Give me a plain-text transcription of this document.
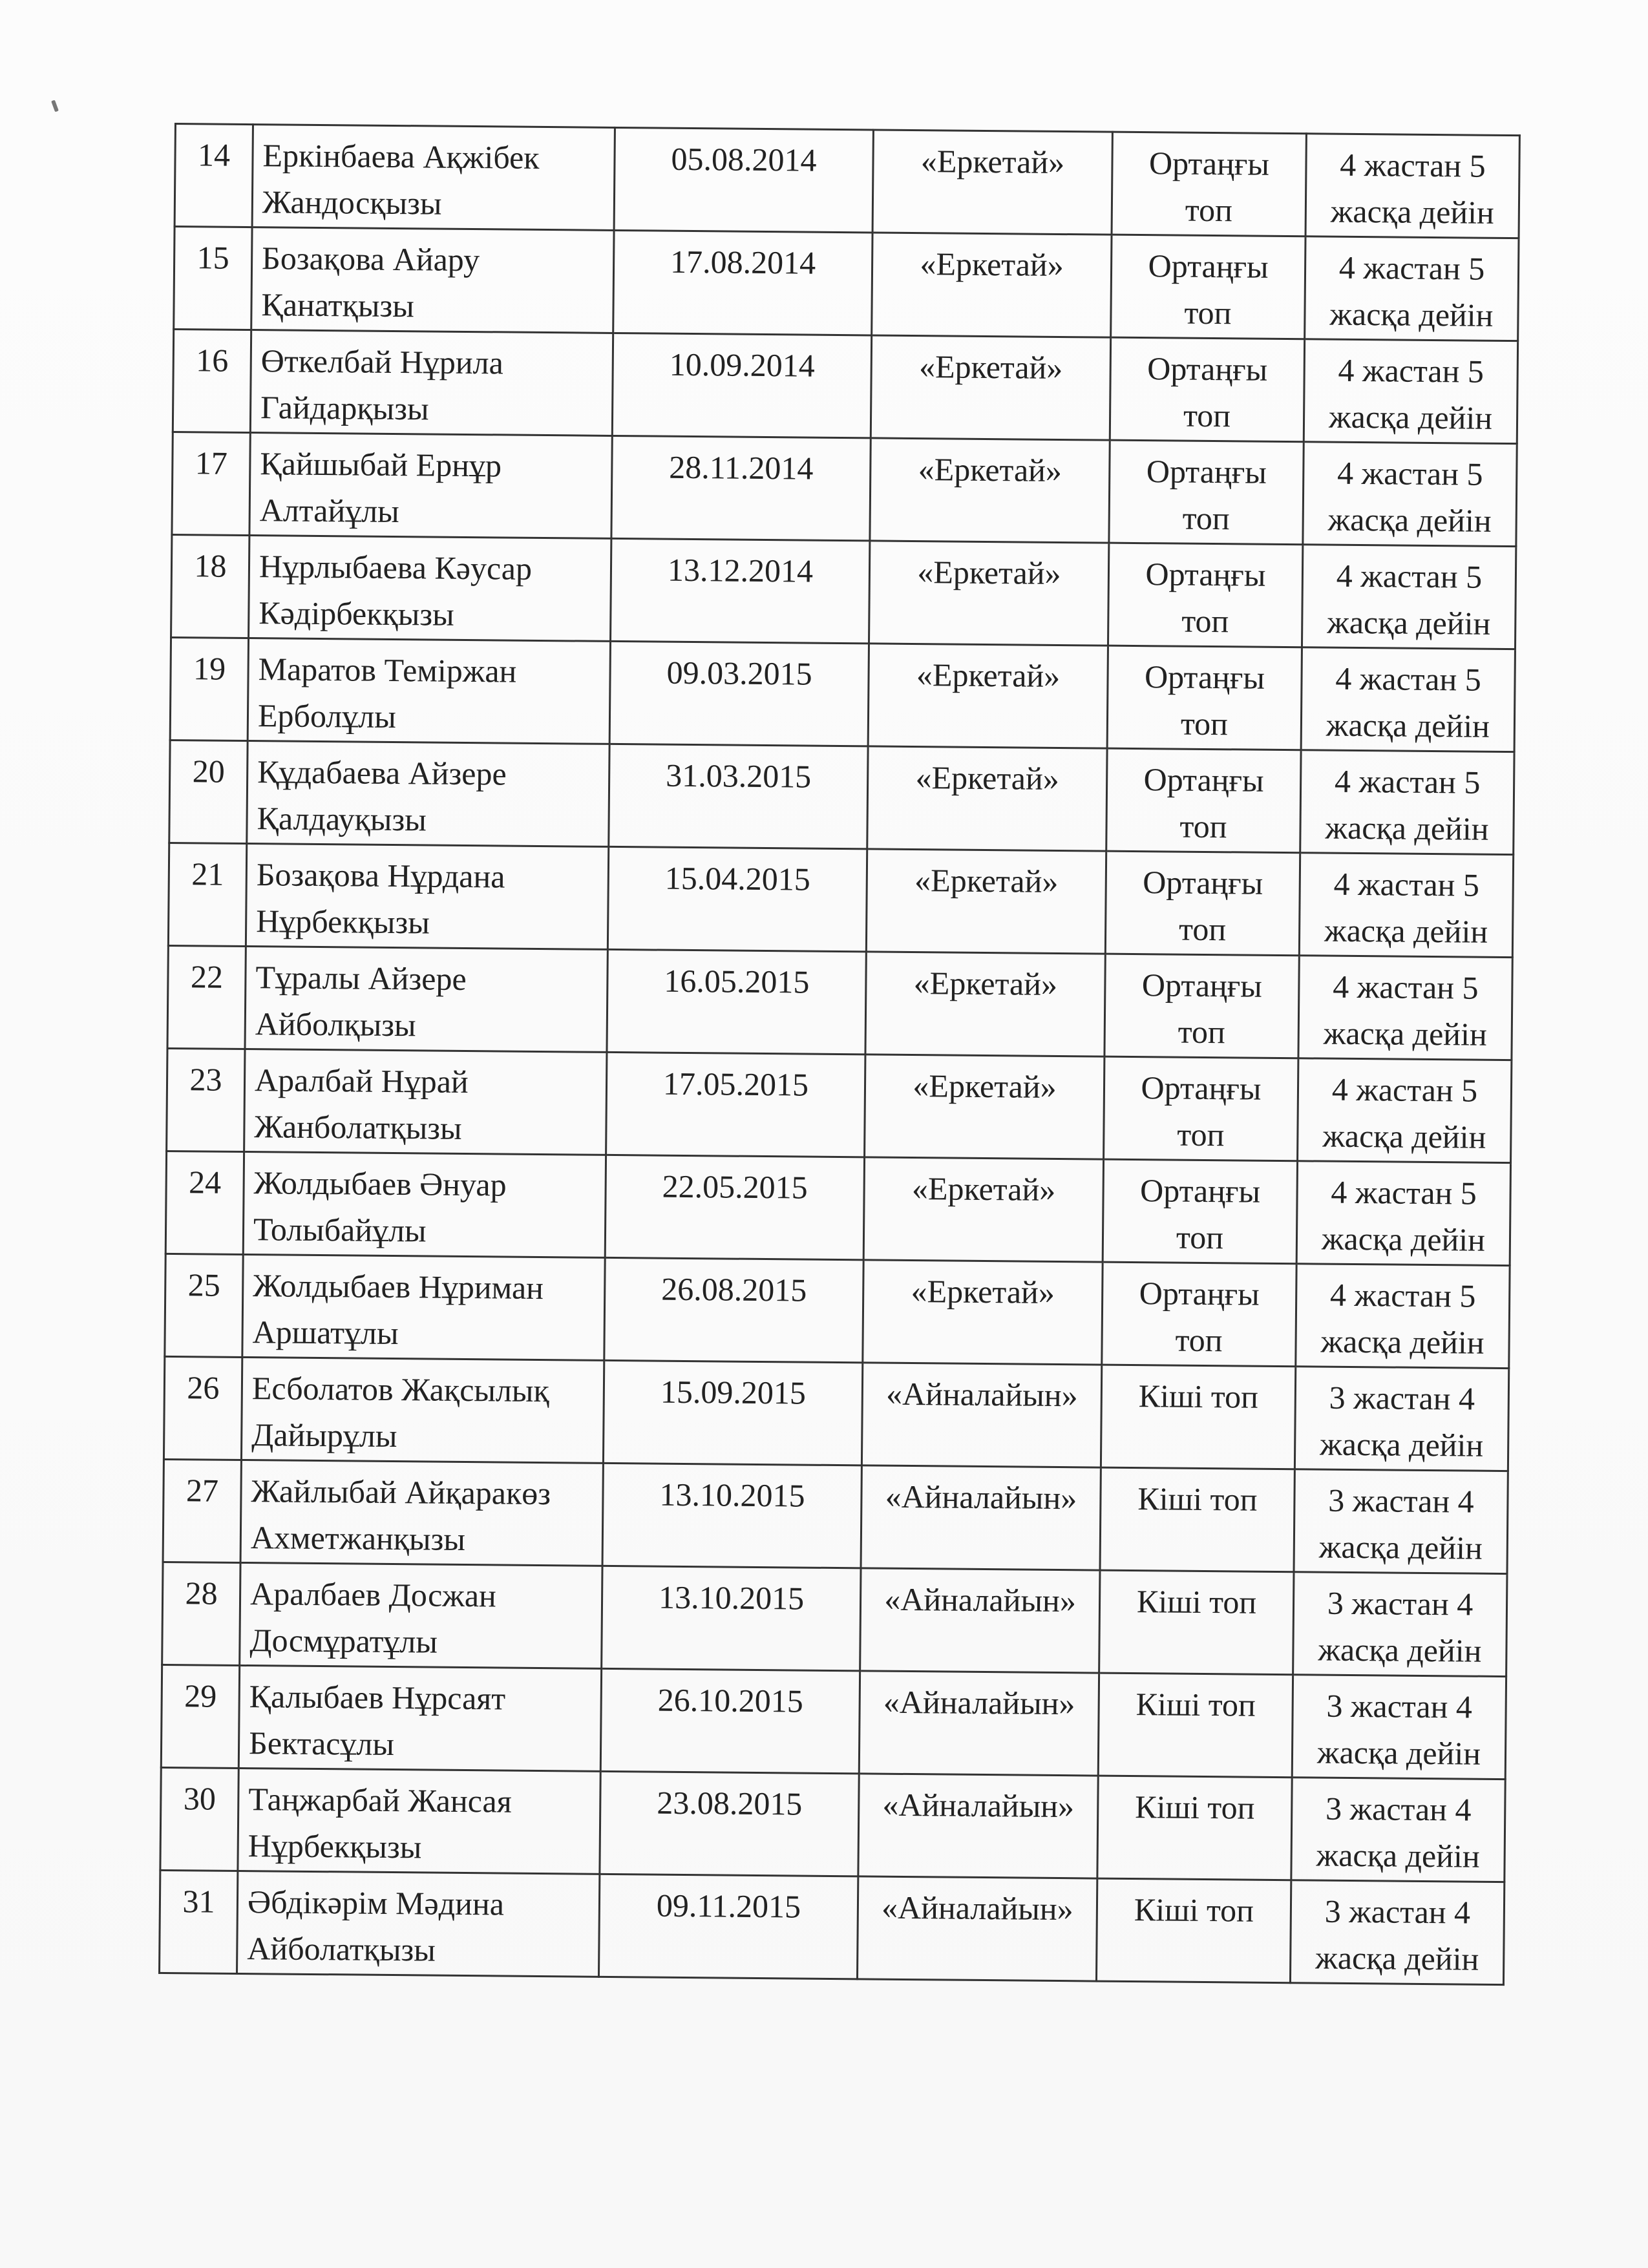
14	Еркінбаева Ақжібек Жандосқызы	05.08.2014	«Еркетай»	Ортаңғы топ	4 жастан 5 жасқа дейін
15	Бозақова Айару Қанатқызы	17.08.2014	«Еркетай»	Ортаңғы топ	4 жастан 5 жасқа дейін
16	Өткелбай Нұрила Гайдарқызы	10.09.2014	«Еркетай»	Ортаңғы топ	4 жастан 5 жасқа дейін
17	Қайшыбай Ернұр Алтайұлы	28.11.2014	«Еркетай»	Ортаңғы топ	4 жастан 5 жасқа дейін
18	Нұрлыбаева Кәусар Кәдірбекқызы	13.12.2014	«Еркетай»	Ортаңғы топ	4 жастан 5 жасқа дейін
19	Маратов Теміржан Ерболұлы	09.03.2015	«Еркетай»	Ортаңғы топ	4 жастан 5 жасқа дейін
20	Құдабаева Айзере Қалдауқызы	31.03.2015	«Еркетай»	Ортаңғы топ	4 жастан 5 жасқа дейін
21	Бозақова Нұрдана Нұрбекқызы	15.04.2015	«Еркетай»	Ортаңғы топ	4 жастан 5 жасқа дейін
22	Тұралы Айзере Айболқызы	16.05.2015	«Еркетай»	Ортаңғы топ	4 жастан 5 жасқа дейін
23	Аралбай Нұрай Жанболатқызы	17.05.2015	«Еркетай»	Ортаңғы топ	4 жастан 5 жасқа дейін
24	Жолдыбаев Әнуар Толыбайұлы	22.05.2015	«Еркетай»	Ортаңғы топ	4 жастан 5 жасқа дейін
25	Жолдыбаев Нұриман Аршатұлы	26.08.2015	«Еркетай»	Ортаңғы топ	4 жастан 5 жасқа дейін
26	Есболатов Жақсылық Дайырұлы	15.09.2015	«Айналайын»	Кіші топ	3 жастан 4 жасқа дейін
27	Жайлыбай Айқаракөз Ахметжанқызы	13.10.2015	«Айналайын»	Кіші топ	3 жастан 4 жасқа дейін
28	Аралбаев Досжан Досмұратұлы	13.10.2015	«Айналайын»	Кіші топ	3 жастан 4 жасқа дейін
29	Қалыбаев Нұрсаят Бектасұлы	26.10.2015	«Айналайын»	Кіші топ	3 жастан 4 жасқа дейін
30	Таңжарбай Жансая Нұрбекқызы	23.08.2015	«Айналайын»	Кіші топ	3 жастан 4 жасқа дейін
31	Әбдікәрім Мәдина Айболатқызы	09.11.2015	«Айналайын»	Кіші топ	3 жастан 4 жасқа дейін
